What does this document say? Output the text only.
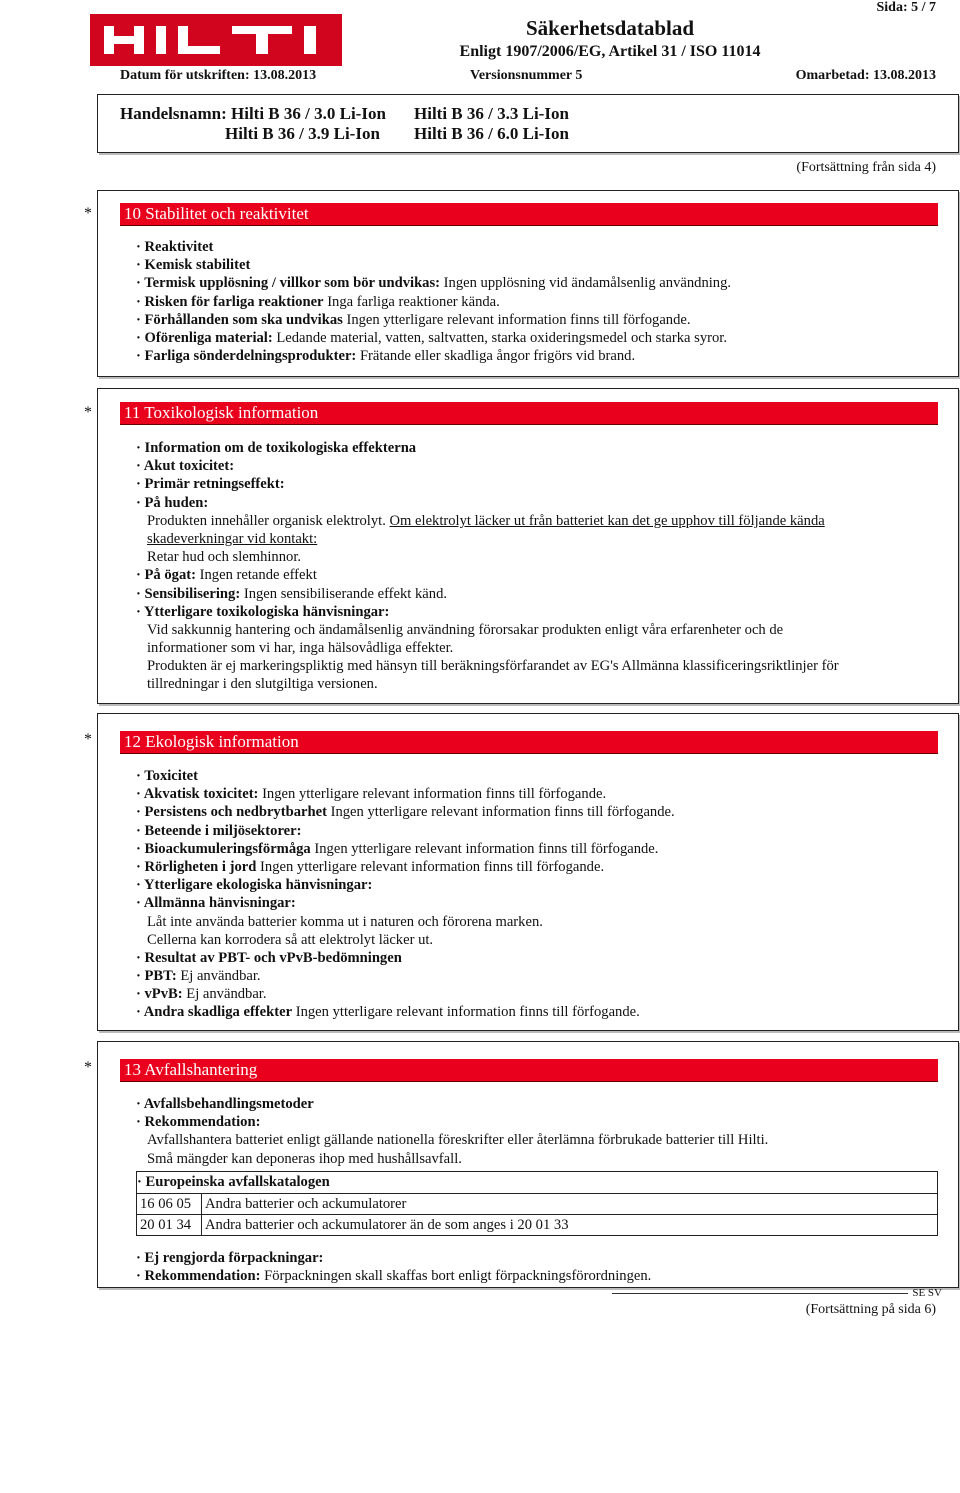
Säkerhetsdatablad
Enligt 1907/2006/EG, Artikel 31 / ISO 11014
Sida: 5 / 7
Datum för utskriften: 13.08.2013	Versionsnummer 5	Omarbetad: 13.08.2013
Handelsnamn: Hilti B 36 / 3.0 Li-Ion Hilti B 36 / 3.3 Li-Ion
Hilti B 36 / 3.9 Li-Ion Hilti B 36 / 6.0 Li-Ion
(Fortsättning från sida 4)
* 10 Stabilitet och reaktivitet
· Reaktivitet
· Kemisk stabilitet
· Termisk upplösning / villkor som bör undvikas: Ingen upplösning vid ändamålsenlig användning.
· Risken för farliga reaktioner Inga farliga reaktioner kända.
· Förhållanden som ska undvikas Ingen ytterligare relevant information finns till förfogande.
· Oförenliga material: Ledande material, vatten, saltvatten, starka oxideringsmedel och starka syror.
· Farliga sönderdelningsprodukter: Frätande eller skadliga ångor frigörs vid brand.
* 11 Toxikologisk information
· Information om de toxikologiska effekterna
· Akut toxicitet:
· Primär retningseffekt:
· På huden:
Produkten innehåller organisk elektrolyt. Om elektrolyt läcker ut från batteriet kan det ge upphov till följande kända
skadeverkningar vid kontakt:
Retar hud och slemhinnor.
· På ögat: Ingen retande effekt
· Sensibilisering: Ingen sensibiliserande effekt känd.
· Ytterligare toxikologiska hänvisningar:
Vid sakkunnig hantering och ändamålsenlig användning förorsakar produkten enligt våra erfarenheter och de
informationer som vi har, inga hälsovådliga effekter.
Produkten är ej markeringspliktig med hänsyn till beräkningsförfarandet av EG's Allmänna klassificeringsriktlinjer för
tillredningar i den slutgiltiga versionen.
* 12 Ekologisk information
· Toxicitet
· Akvatisk toxicitet: Ingen ytterligare relevant information finns till förfogande.
· Persistens och nedbrytbarhet Ingen ytterligare relevant information finns till förfogande.
· Beteende i miljösektorer:
· Bioackumuleringsförmåga Ingen ytterligare relevant information finns till förfogande.
· Rörligheten i jord Ingen ytterligare relevant information finns till förfogande.
· Ytterligare ekologiska hänvisningar:
· Allmänna hänvisningar:
Låt inte använda batterier komma ut i naturen och förorena marken.
Cellerna kan korrodera så att elektrolyt läcker ut.
· Resultat av PBT- och vPvB-bedömningen
· PBT: Ej användbar.
· vPvB: Ej användbar.
· Andra skadliga effekter Ingen ytterligare relevant information finns till förfogande.
* 13 Avfallshantering
· Avfallsbehandlingsmetoder
· Rekommendation:
Avfallshantera batteriet enligt gällande nationella föreskrifter eller återlämna förbrukade batterier till Hilti.
Små mängder kan deponeras ihop med hushållsavfall.
· Europeinska avfallskatalogen
16 06 05	Andra batterier och ackumulatorer
20 01 34	Andra batterier och ackumulatorer än de som anges i 20 01 33
· Ej rengjorda förpackningar:
· Rekommendation: Förpackningen skall skaffas bort enligt förpackningsförordningen.
SE SV
(Fortsättning på sida 6)
